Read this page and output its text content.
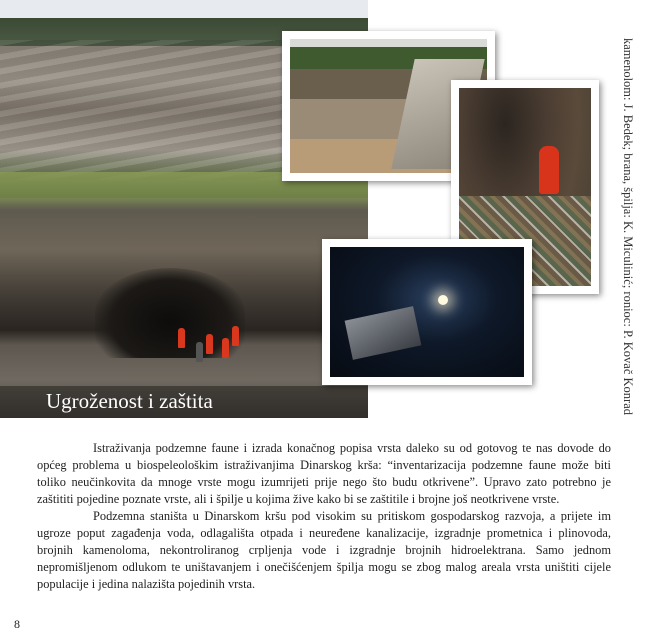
Ugroženost i zaštita	kamenolom: J. Bedek; brana, špilja: K. Miculinić; ronioc: P. Kovač Konrad

Istraživanja podzemne faune i izrada konačnog popisa vrsta daleko su od gotovog te nas dovode do općeg problema u biospeleološkim istraživanjima Dinarskog krša: “inventarizacija podzemne faune može biti toliko neučinkovita da mnoge vrste mogu izumrijeti prije nego što budu otkrivene”. Upravo zato potrebno je zaštititi pojedine poznate vrste, ali i špilje u kojima žive kako bi se zaštitile i brojne još neotkrivene vrste.

Podzemna staništa u Dinarskom kršu pod visokim su pritiskom gospodarskog razvoja, a prijete im ugroze poput zagađenja voda, odlagališta otpada i neuređene kanalizacije, izgradnje prometnica i plinovoda, brojnih kamenoloma, nekontroliranog crpljenja vode i izgradnje brojnih hidroelektrana. Samo jednom nepromišljenom odlukom te uništavanjem i onečišćenjem špilja mogu se zbog malog areala vrsta uništiti cijele populacije i jedina nalazišta pojedinih vrsta.

8
